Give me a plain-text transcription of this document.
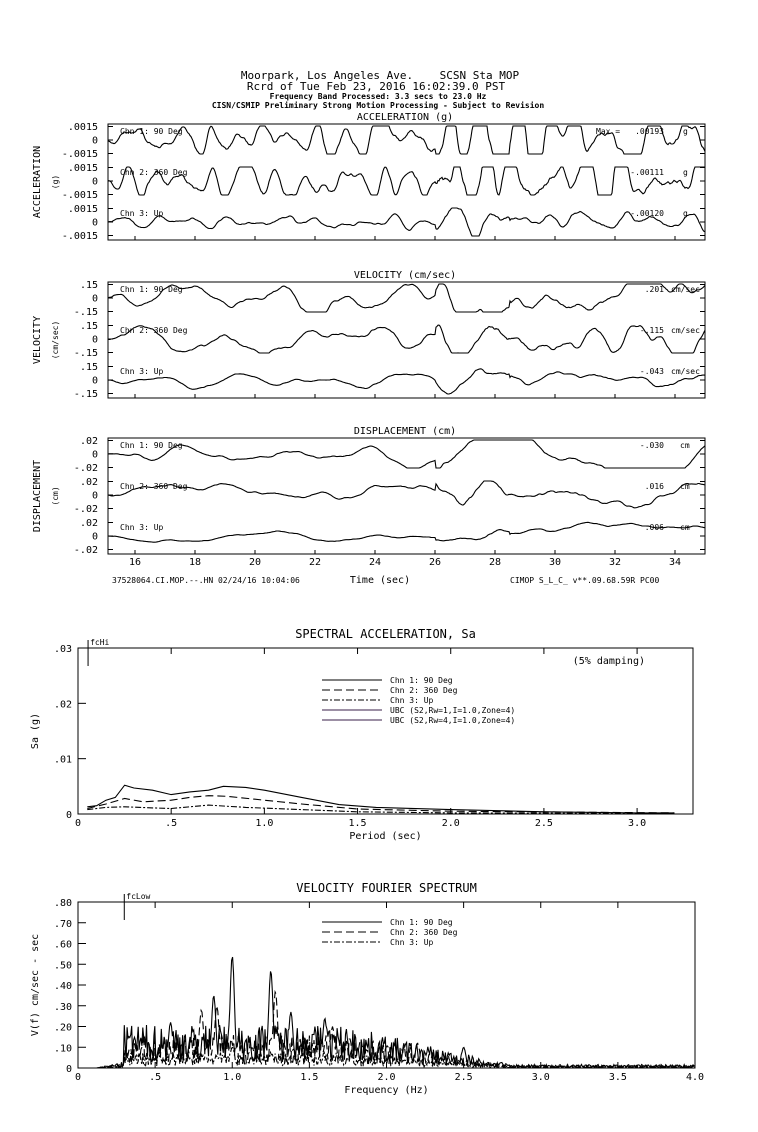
Moorpark, Los Angeles Ave.    SCSN Sta MOP
Rcrd of Tue Feb 23, 2016 16:02:39.0 PST
Frequency Band Processed: 3.3 secs to 23.0 Hz
CISN/CSMIP Preliminary Strong Motion Processing - Subject to Revision
ACCELERATION (g)
ACCELERATION (g)
.0015
0
-.0015
Chn 1: 90 Deg	Max = .00193 g
.0015
0
-.0015
Chn 2: 360 Deg	-.00111 g
.0015
0
-.0015
Chn 3: Up	-.00120 g
VELOCITY (cm/sec)
VELOCITY (cm/sec)
.15
0
-.15
Chn 1: 90 Deg	.201 cm/sec
.15
0
-.15
Chn 2: 360 Deg	-.115 cm/sec
.15
0
-.15
Chn 3: Up	-.043 cm/sec
DISPLACEMENT (cm)
DISPLACEMENT (cm)
.02
0
-.02
Chn 1: 90 Deg	-.030 cm
.02
0
-.02
Chn 2: 360 Deg	.016 cm
.02
0
-.02
Chn 3: Up	.006 cm
16	18	20	22	24	26	28	30	32	34
Time (sec)
37528064.CI.MOP.--.HN 02/24/16 10:04:06	CIMOP S_L_C_ v**.09.68.59R PC00
SPECTRAL ACCELERATION, Sa
0	.5	1.0	1.5	2.0	2.5	3.0
0
.01
.02
.03
Period (sec)
Sa (g)
fcHi
(5% damping)
Chn 1: 90 Deg
Chn 2: 360 Deg
Chn 3: Up
UBC (S2,Rw=1,I=1.0,Zone=4)
UBC (S2,Rw=4,I=1.0,Zone=4)
VELOCITY FOURIER SPECTRUM
0	.5	1.0	1.5	2.0	2.5	3.0	3.5	4.0
0
.10
.20
.30
.40
.50
.60
.70
.80
Frequency (Hz)
V(f) cm/sec - sec
fcLow
Chn 1: 90 Deg
Chn 2: 360 Deg
Chn 3: Up
